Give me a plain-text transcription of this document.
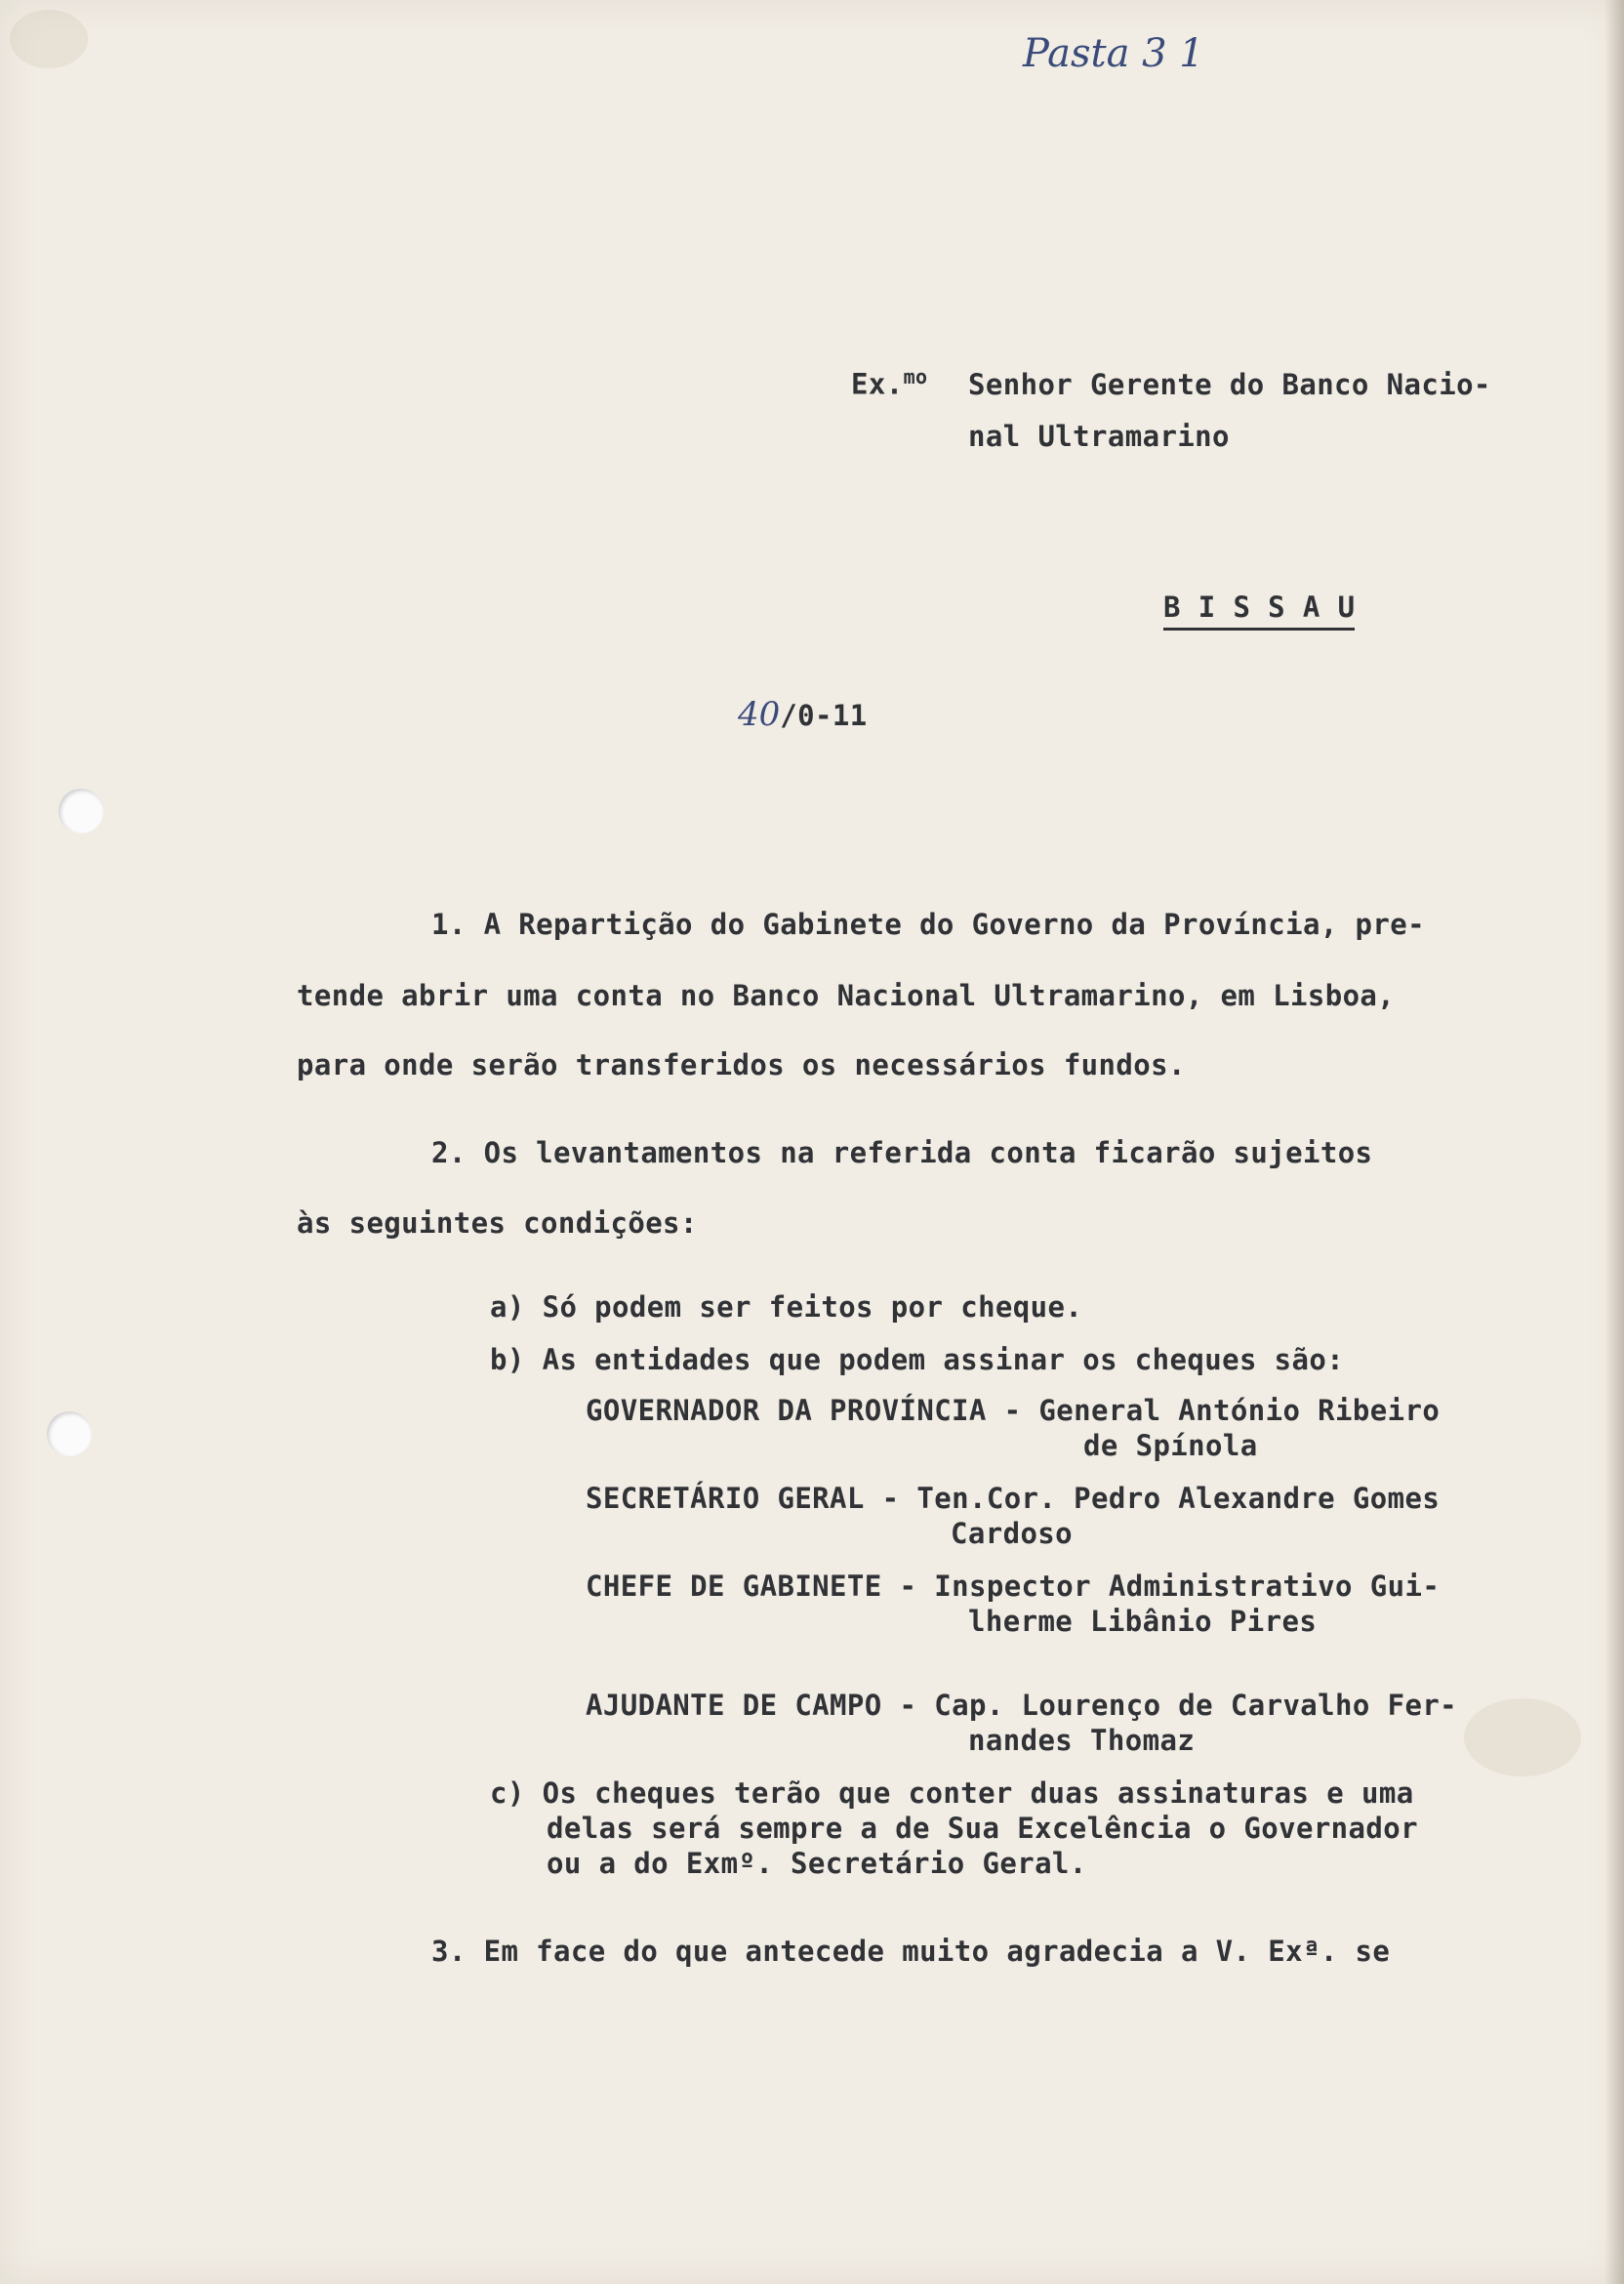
Pasta 3 1
Ex.$^{mo}$ Senhor Gerente do Banco Nacio-
nal Ultramarino
B I S S A U
40/0-11
1. A Repartição do Gabinete do Governo da Província, pre-
tende abrir uma conta no Banco Nacional Ultramarino, em Lisboa,
para onde serão transferidos os necessários fundos.
2. Os levantamentos na referida conta ficarão sujeitos
às seguintes condições:
a) Só podem ser feitos por cheque.
b) As entidades que podem assinar os cheques são:
GOVERNADOR DA PROVÍNCIA - General António Ribeiro
de Spínola
SECRETÁRIO GERAL - Ten.Cor. Pedro Alexandre Gomes
Cardoso
CHEFE DE GABINETE - Inspector Administrativo Gui-
lherme Libânio Pires
AJUDANTE DE CAMPO - Cap. Lourenço de Carvalho Fer-
nandes Thomaz
c) Os cheques terão que conter duas assinaturas e uma
delas será sempre a de Sua Excelência o Governador
ou a do Exmº. Secretário Geral.
3. Em face do que antecede muito agradecia a V. Exª. se
